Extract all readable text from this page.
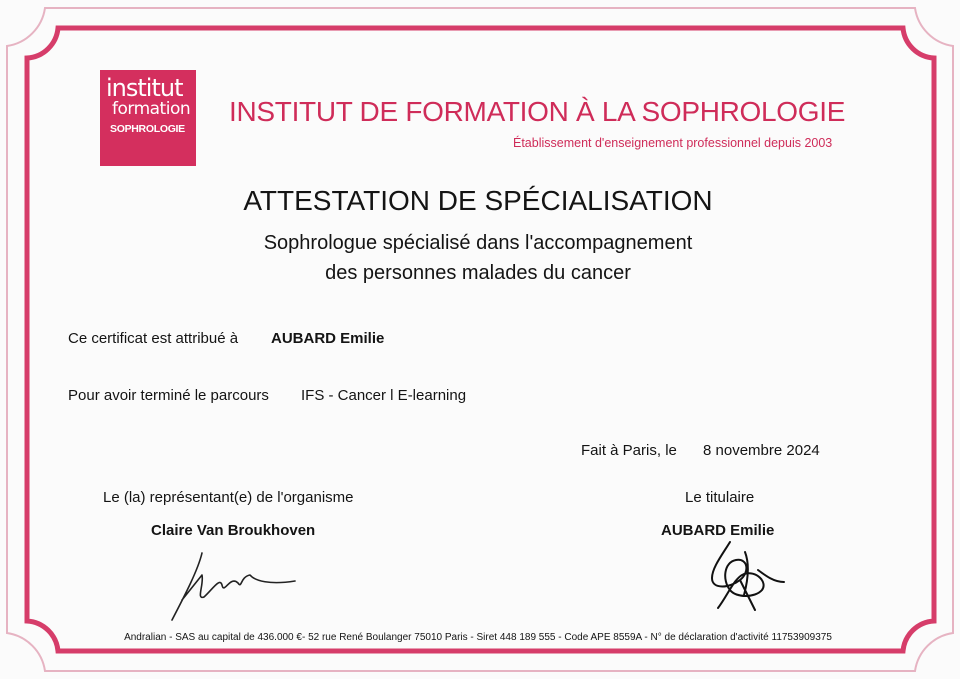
institut
formation
SOPHROLOGIE
INSTITUT DE FORMATION À LA SOPHROLOGIE
Établissement d'enseignement professionnel depuis 2003
ATTESTATION DE SPÉCIALISATION
Sophrologue spécialisé dans l'accompagnement
des personnes malades du cancer
Ce certificat est attribué à AUBARD Emilie
Pour avoir terminé le parcours IFS - Cancer l E-learning
Fait à Paris, le 8 novembre 2024
Le (la) représentant(e) de l'organisme	Le titulaire
Claire Van Broukhoven	AUBARD Emilie
Andralian - SAS au capital de 436.000 €- 52 rue René Boulanger 75010 Paris - Siret 448 189 555 - Code APE 8559A - N° de déclaration d'activité 11753909375
